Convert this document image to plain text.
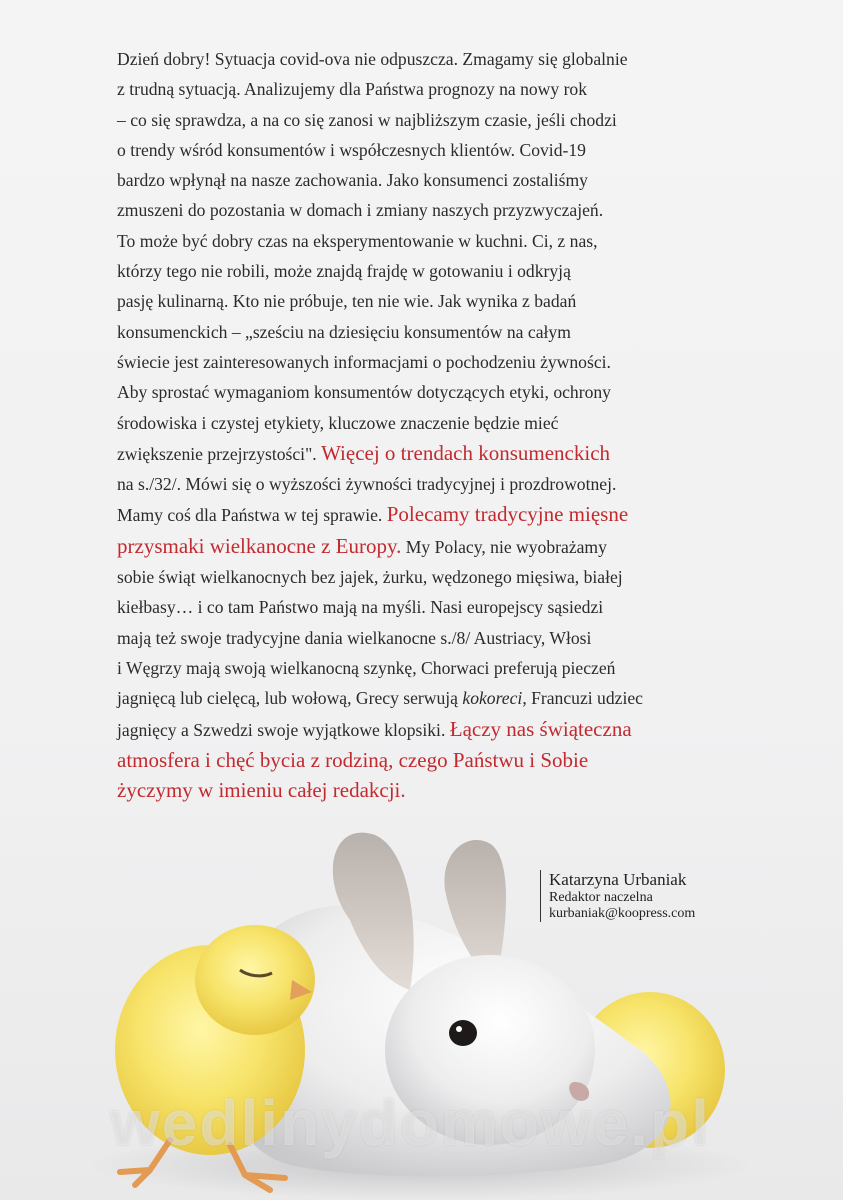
Dzień dobry! Sytuacja covid-ova nie odpuszcza. Zmagamy się globalnie
z trudną sytuacją. Analizujemy dla Państwa prognozy na nowy rok
– co się sprawdza, a na co się zanosi w najbliższym czasie, jeśli chodzi
o trendy wśród konsumentów i współczesnych klientów. Covid-19
bardzo wpłynął na nasze zachowania. Jako konsumenci zostaliśmy
zmuszeni do pozostania w domach i zmiany naszych przyzwyczajeń.
To może być dobry czas na eksperymentowanie w kuchni. Ci, z nas,
którzy tego nie robili, może znajdą frajdę w gotowaniu i odkryją
pasję kulinarną. Kto nie próbuje, ten nie wie. Jak wynika z badań
konsumenckich – „sześciu na dziesięciu konsumentów na całym
świecie jest zainteresowanych informacjami o pochodzeniu żywności.
Aby sprostać wymaganiom konsumentów dotyczących etyki, ochrony
środowiska i czystej etykiety, kluczowe znaczenie będzie mieć
zwiększenie przejrzystości". Więcej o trendach konsumenckich
na s./32/. Mówi się o wyższości żywności tradycyjnej i prozdrowotnej.
Mamy coś dla Państwa w tej sprawie. Polecamy tradycyjne mięsne
przysmaki wielkanocne z Europy. My Polacy, nie wyobrażamy
sobie świąt wielkanocnych bez jajek, żurku, wędzonego mięsiwa, białej
kiełbasy… i co tam Państwo mają na myśli. Nasi europejscy sąsiedzi
mają też swoje tradycyjne dania wielkanocne s./8/ Austriacy, Włosi
i Węgrzy mają swoją wielkanocną szynkę, Chorwaci preferują pieczeń
jagnięcą lub cielęcą, lub wołową, Grecy serwują kokoreci, Francuzi udziec
jagnięcy a Szwedzi swoje wyjątkowe klopsiki. Łączy nas świąteczna
atmosfera i chęć bycia z rodziną, czego Państwu i Sobie
życzymy w imieniu całej redakcji.
wedlinydomowe.pl
Katarzyna Urbaniak
Redaktor naczelna
kurbaniak@koopress.com
